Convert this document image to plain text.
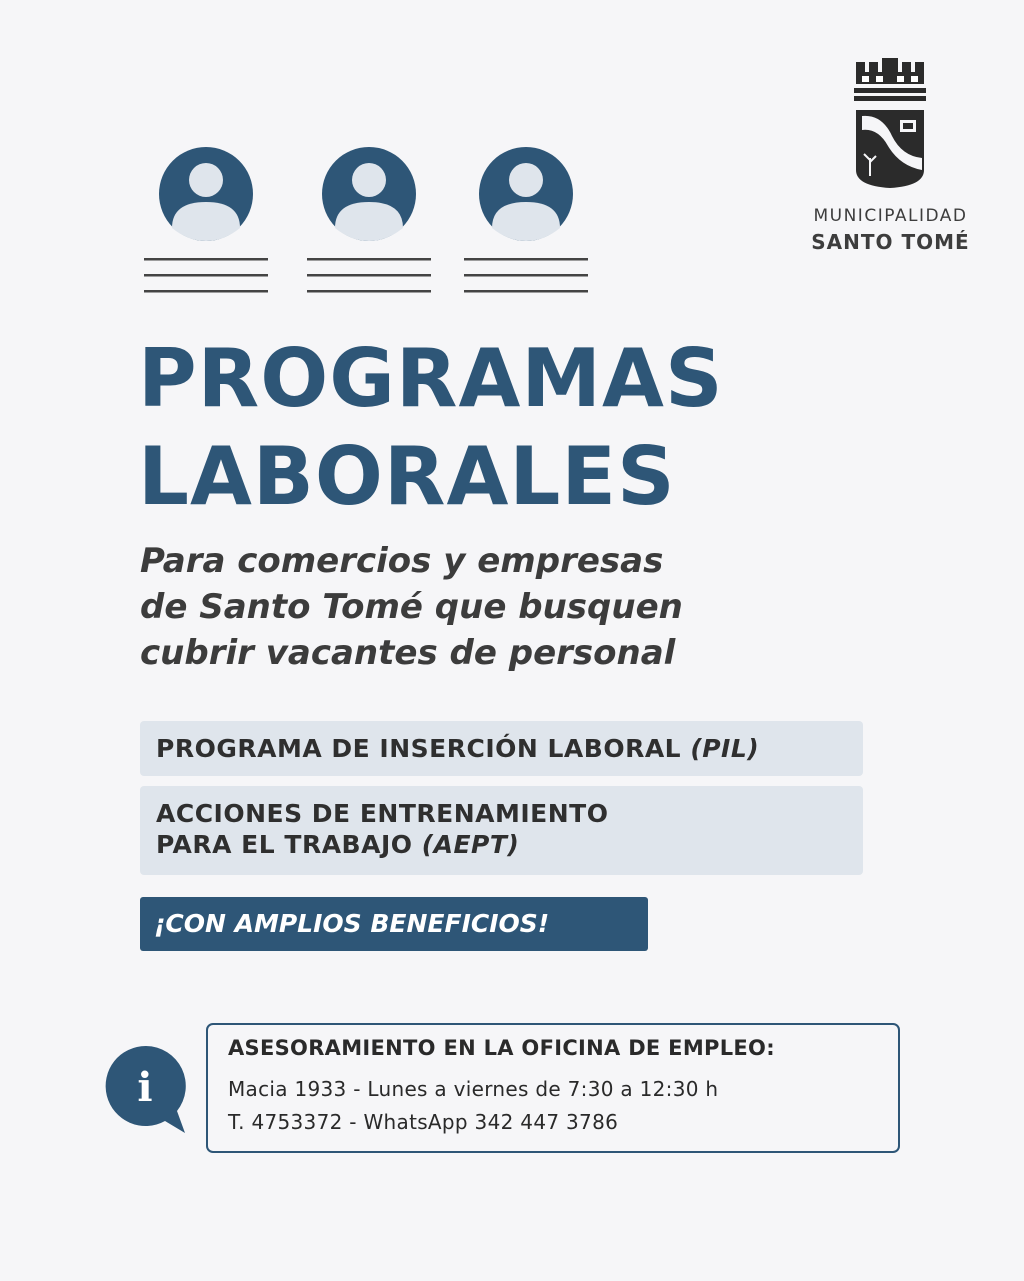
MUNICIPALIDAD
SANTO TOMÉ
PROGRAMAS
LABORALES
Para comercios y empresas
de Santo Tomé que busquen
cubrir vacantes de personal
PROGRAMA DE INSERCIÓN LABORAL (PIL)
ACCIONES DE ENTRENAMIENTO
PARA EL TRABAJO (AEPT)
¡CON AMPLIOS BENEFICIOS!
i
ASESORAMIENTO EN LA OFICINA DE EMPLEO:
Macia 1933 - Lunes a viernes de 7:30 a 12:30 h
T. 4753372 - WhatsApp 342 447 3786
